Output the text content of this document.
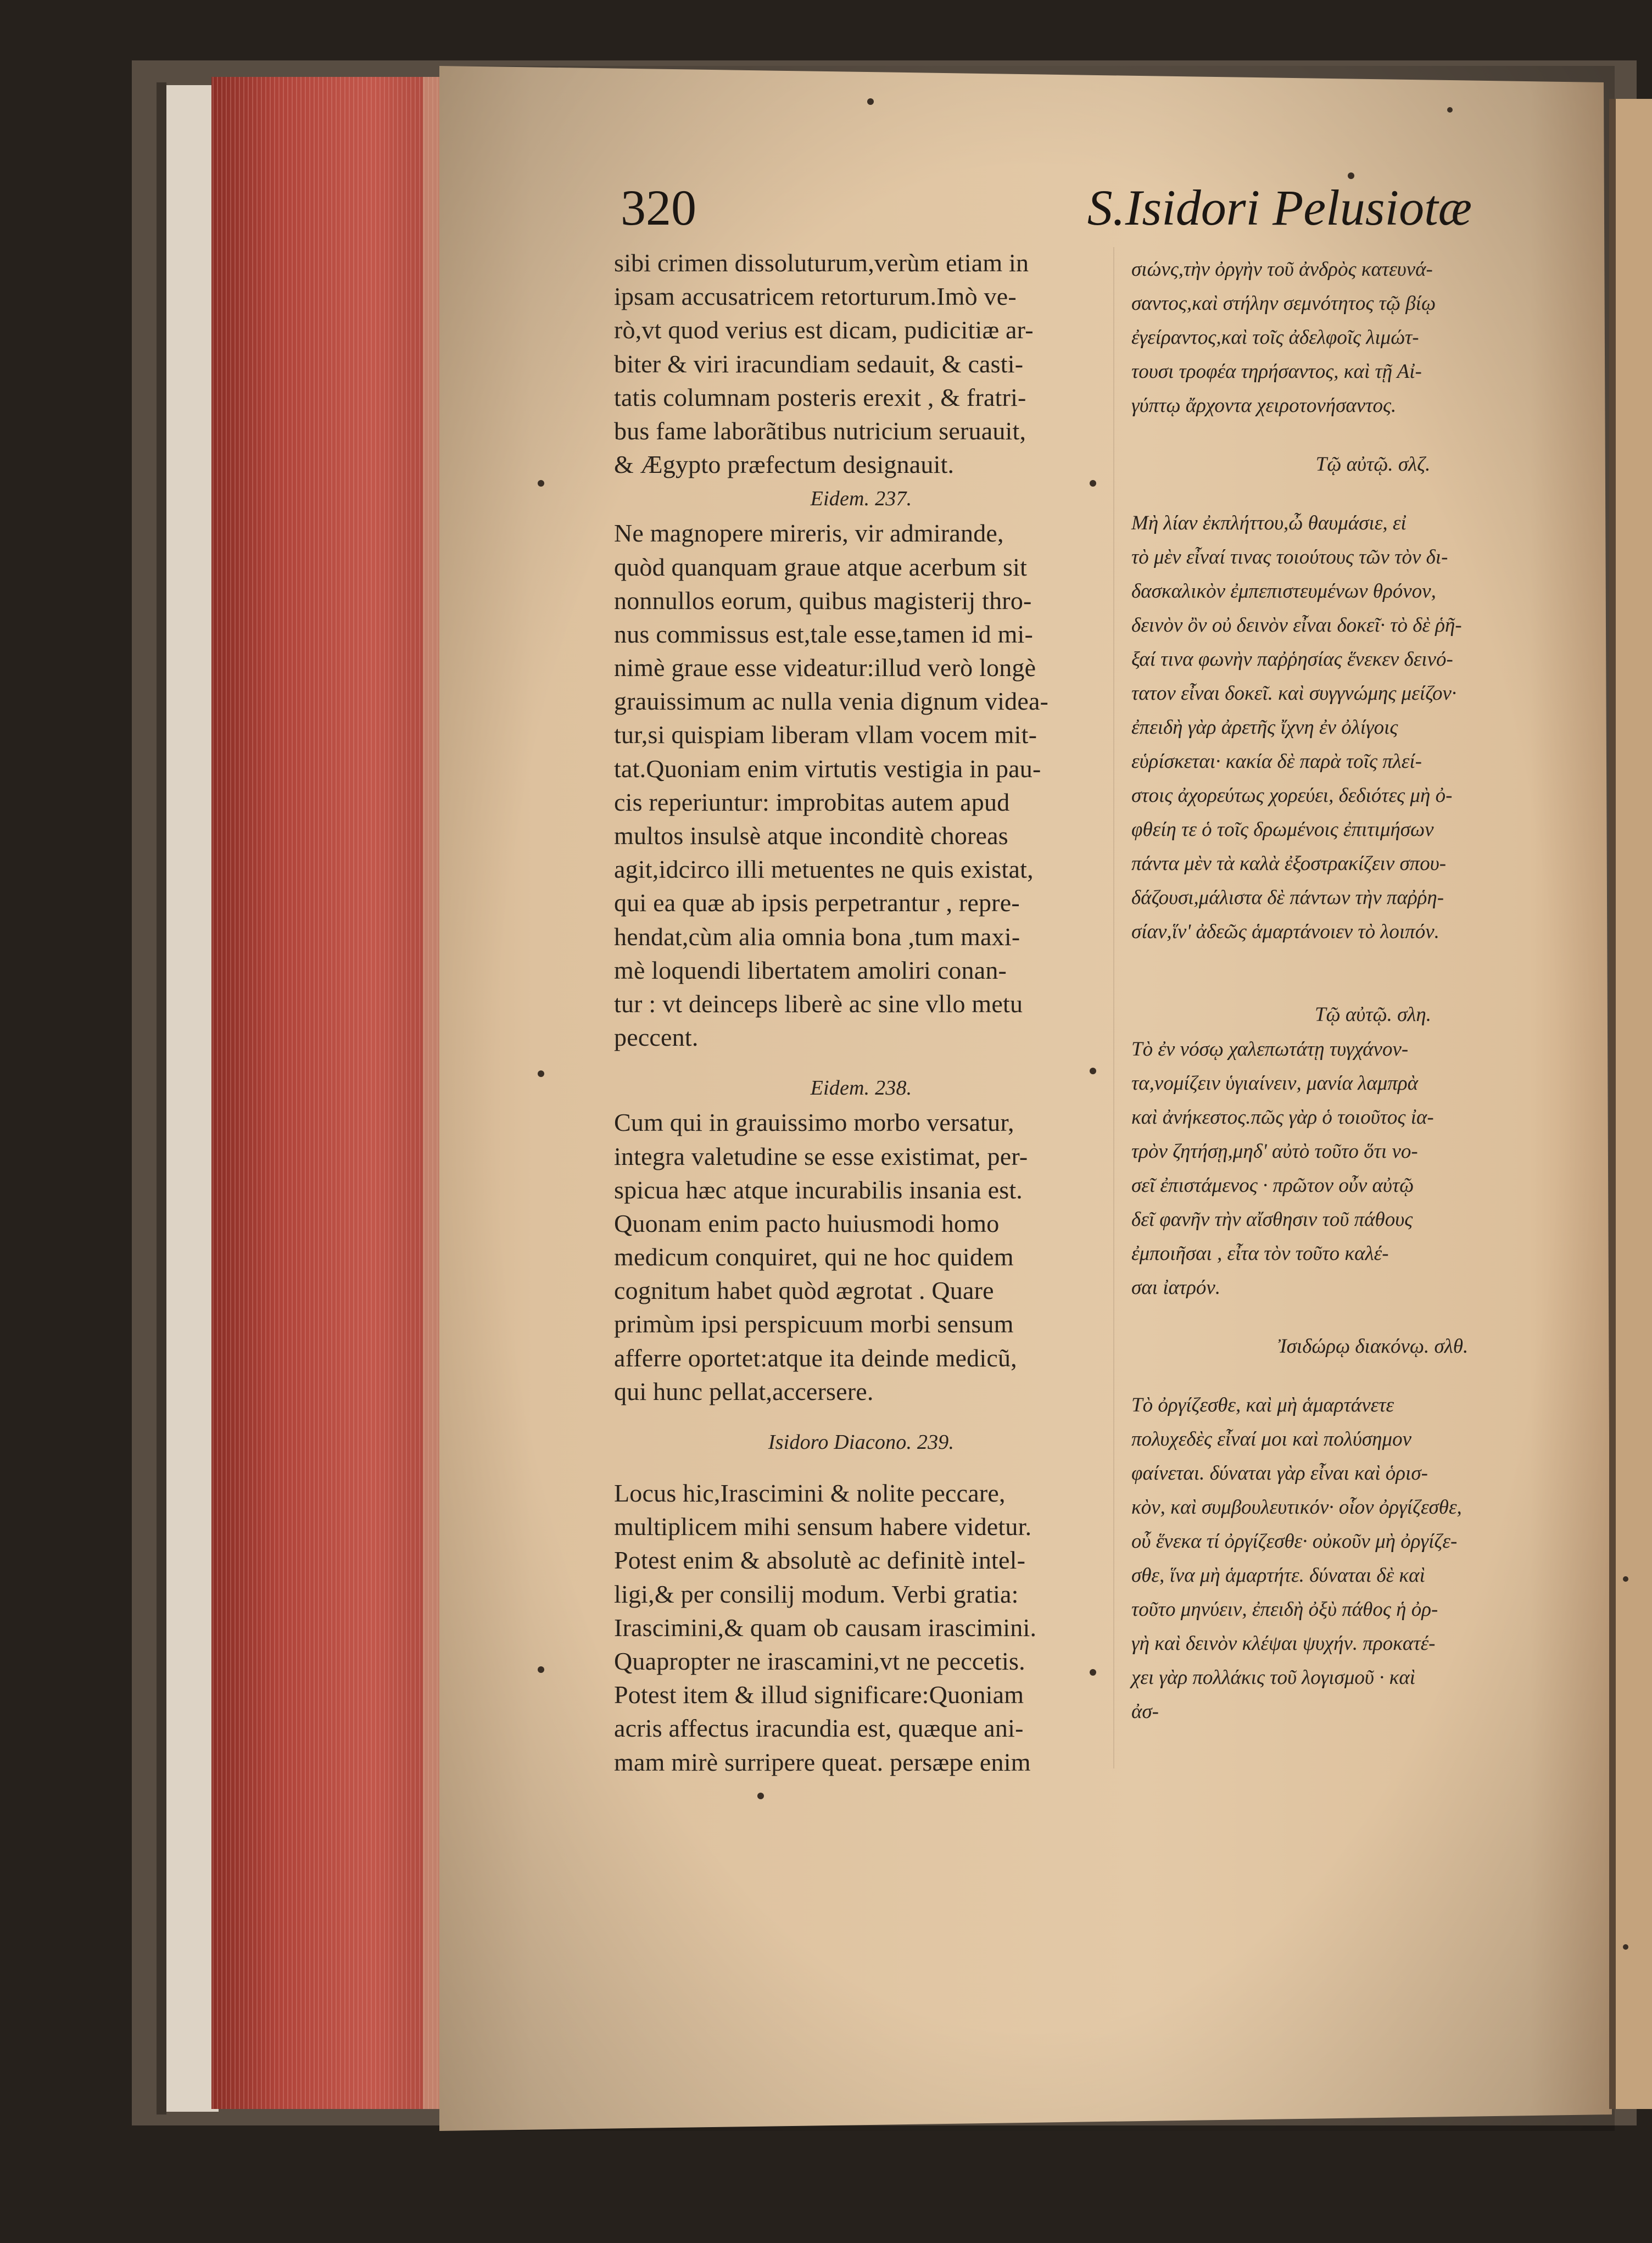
320	S.Isidori Pelusiotæ
sibi crimen dissoluturum,verùm etiam in
ipsam accusatricem retorturum.Imò ve-
rò,vt quod verius est dicam, pudicitiæ ar-
biter & viri iracundiam sedauit, & casti-
tatis columnam posteris erexit , & fratri-
bus fame laborãtibus nutricium seruauit,
& Ægypto præfectum designauit.
Eidem. 237.
Ne magnopere mireris, vir admirande,
quòd quanquam graue atque acerbum sit
nonnullos eorum, quibus magisterij thro-
nus commissus est,tale esse,tamen id mi-
nimè graue esse videatur:illud verò longè
grauissimum ac nulla venia dignum videa-
tur,si quispiam liberam vllam vocem mit-
tat.Quoniam enim virtutis vestigia in pau-
cis reperiuntur: improbitas autem apud
multos insulsè atque inconditè choreas
agit,idcirco illi metuentes ne quis existat,
qui ea quæ ab ipsis perpetrantur , repre-
hendat,cùm alia omnia bona ,tum maxi-
mè loquendi libertatem amoliri conan-
tur : vt deinceps liberè ac sine vllo metu
peccent.
Eidem. 238.
Cum qui in grauissimo morbo versatur,
integra valetudine se esse existimat, per-
spicua hæc atque incurabilis insania est.
Quonam enim pacto huiusmodi homo
medicum conquiret, qui ne hoc quidem
cognitum habet quòd ægrotat . Quare
primùm ipsi perspicuum morbi sensum
afferre oportet:atque ita deinde medicũ,
qui hunc pellat,accersere.
Isidoro Diacono. 239.
Locus hic,Irascimini & nolite peccare,
multiplicem mihi sensum habere videtur.
Potest enim & absolutè ac definitè intel-
ligi,& per consilij modum. Verbi gratia:
Irascimini,& quam ob causam irascimini.
Quapropter ne irascamini,vt ne peccetis.
Potest item & illud significare:Quoniam
acris affectus iracundia est, quæque ani-
mam mirè surripere queat. persæpe enim
σιώνς,τὴν ὀργὴν τοῦ ἀνδρὸς κατευνά-
σαντος,καὶ στήλην σεμνότητος τῷ βίῳ
ἐγείραντος,καὶ τοῖς ἀδελφοῖς λιμώτ-
τουσι τροφέα τηρήσαντος, καὶ τῇ Αἰ-
γύπτῳ ἄρχοντα χειροτονήσαντος.
Τῷ αὐτῷ. σλζ.
Μὴ λίαν ἐκπλήττου,ὦ θαυμάσιε, εἰ
τὸ μὲν εἶναί τινας τοιούτους τῶν τὸν δι-
δασκαλικὸν ἐμπεπιστευμένων θρόνον,
δεινὸν ὂν οὐ δεινὸν εἶναι δοκεῖ· τὸ δὲ ῥῆ-
ξαί τινα φωνὴν παῤῥησίας ἕνεκεν δεινό-
τατον εἶναι δοκεῖ. καὶ συγγνώμης μείζον·
ἐπειδὴ γὰρ ἀρετῆς ἴχνη ἐν ὀλίγοις
εὑρίσκεται· κακία δὲ παρὰ τοῖς πλεί-
στοις ἀχορεύτως χορεύει, δεδιότες μὴ ὀ-
φθείη τε ὁ τοῖς δρωμένοις ἐπιτιμήσων
πάντα μὲν τὰ καλὰ ἐξοστρακίζειν σπου-
δάζουσι,μάλιστα δὲ πάντων τὴν παῤῥη-
σίαν,ἵν' ἀδεῶς ἁμαρτάνοιεν τὸ λοιπόν.
Τῷ αὐτῷ. σλη.
Τὸ ἐν νόσῳ χαλεπωτάτῃ τυγχάνον-
τα,νομίζειν ὑγιαίνειν, μανία λαμπρὰ
καὶ ἀνήκεστος.πῶς γὰρ ὁ τοιοῦτος ἰα-
τρὸν ζητήσῃ,μηδ' αὐτὸ τοῦτο ὅτι νο-
σεῖ ἐπιστάμενος · πρῶτον οὖν αὐτῷ
δεῖ φανῆν τὴν αἴσθησιν τοῦ πάθους
ἐμποιῆσαι , εἶτα τὸν τοῦτο καλέ-
σαι ἰατρόν.
Ἰσιδώρῳ διακόνῳ. σλθ.
Τὸ ὀργίζεσθε, καὶ μὴ ἁμαρτάνετε
πολυχεδὲς εἶναί μοι καὶ πολύσημον
φαίνεται. δύναται γὰρ εἶναι καὶ ὁρισ-
κὸν, καὶ συμβουλευτικόν· οἷον ὀργίζεσθε,
οὗ ἕνεκα τί ὀργίζεσθε· οὐκοῦν μὴ ὀργίζε-
σθε, ἵνα μὴ ἁμαρτήτε. δύναται δὲ καὶ
τοῦτο μηνύειν, ἐπειδὴ ὀξὺ πάθος ἡ ὀρ-
γὴ καὶ δεινὸν κλέψαι ψυχήν. προκατέ-
χει γὰρ πολλάκις τοῦ λογισμοῦ · καὶ
ἀσ-
